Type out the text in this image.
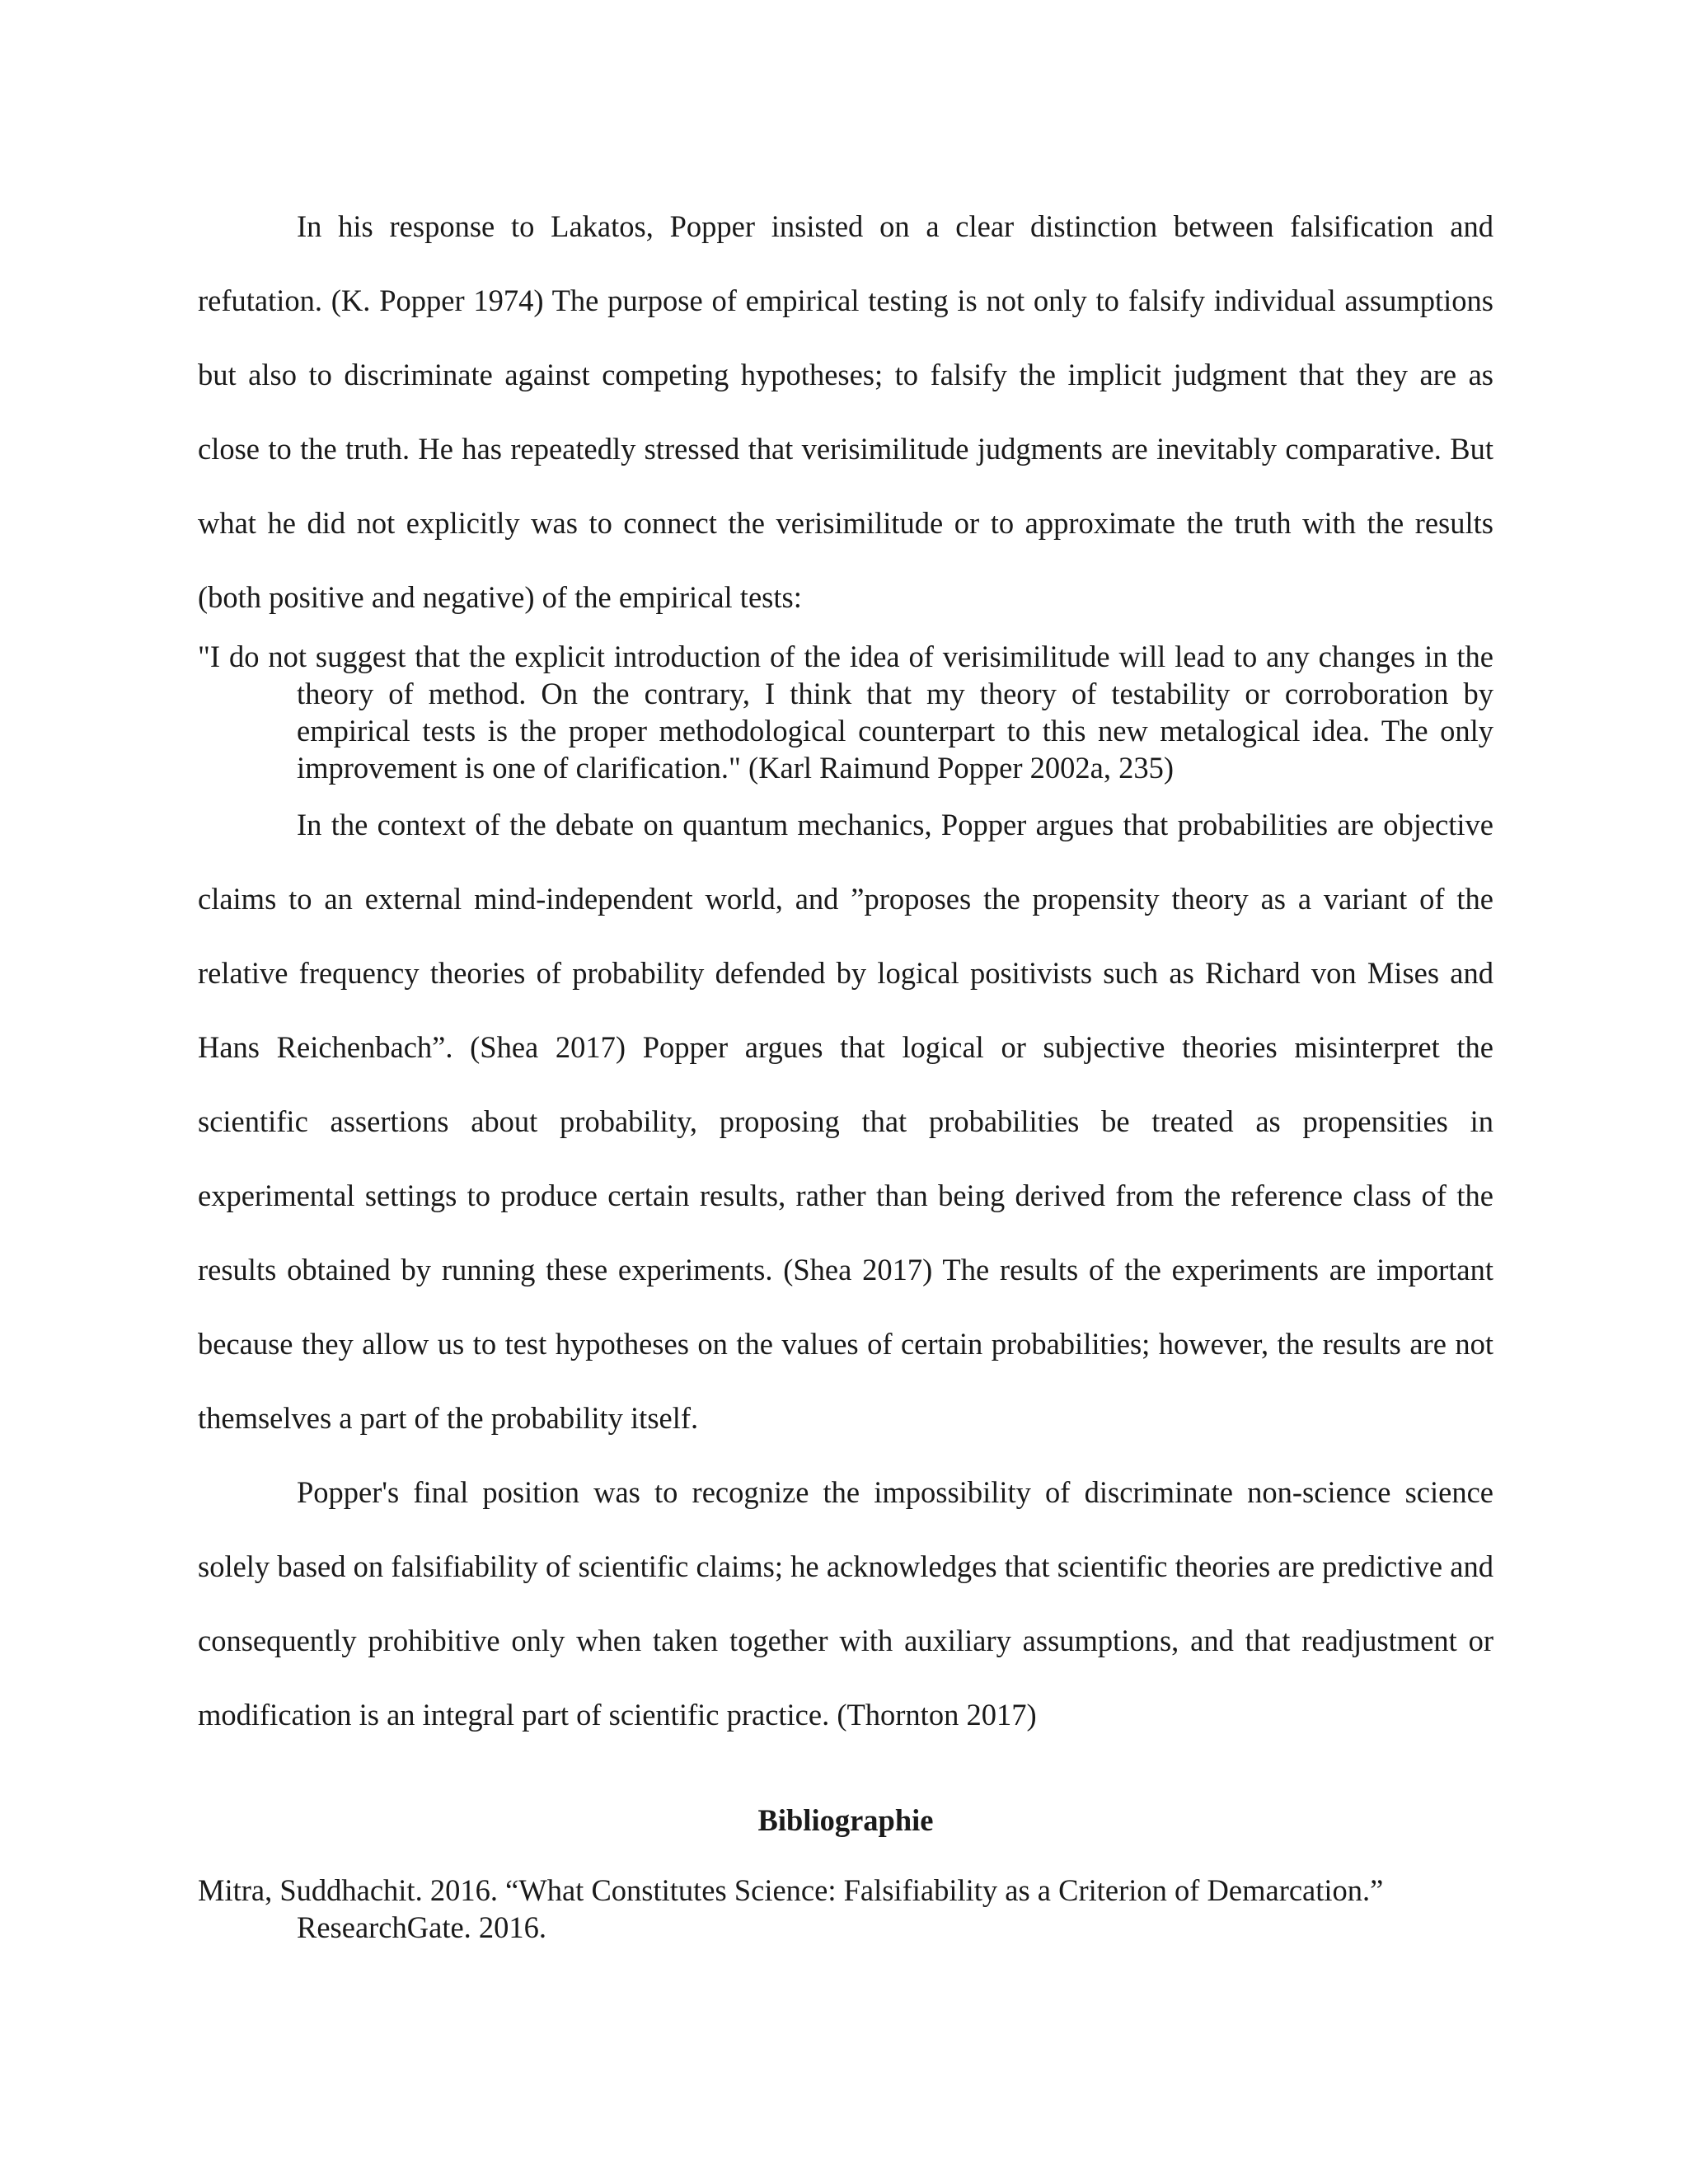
In his response to Lakatos, Popper insisted on a clear distinction between falsification and refutation. (K. Popper 1974) The purpose of empirical testing is not only to falsify individual assumptions but also to discriminate against competing hypotheses; to falsify the implicit judgment that they are as close to the truth. He has repeatedly stressed that verisimilitude judgments are inevitably comparative. But what he did not explicitly was to connect the verisimilitude or to approximate the truth with the results (both positive and negative) of the empirical tests:

"I do not suggest that the explicit introduction of the idea of verisimilitude will lead to any changes in the theory of method. On the contrary, I think that my theory of testability or corroboration by empirical tests is the proper methodological counterpart to this new metalogical idea. The only improvement is one of clarification." (Karl Raimund Popper 2002a, 235)

In the context of the debate on quantum mechanics, Popper argues that probabilities are objective claims to an external mind-independent world, and ”proposes the propensity theory as a variant of the relative frequency theories of probability defended by logical positivists such as Richard von Mises and Hans Reichenbach”. (Shea 2017) Popper argues that logical or subjective theories misinterpret the scientific assertions about probability, proposing that probabilities be treated as propensities in experimental settings to produce certain results, rather than being derived from the reference class of the results obtained by running these experiments. (Shea 2017) The results of the experiments are important because they allow us to test hypotheses on the values of certain probabilities; however, the results are not themselves a part of the probability itself.

Popper's final position was to recognize the impossibility of discriminate non-science science solely based on falsifiability of scientific claims; he acknowledges that scientific theories are predictive and consequently prohibitive only when taken together with auxiliary assumptions, and that readjustment or modification is an integral part of scientific practice. (Thornton 2017)

Bibliographie

Mitra, Suddhachit. 2016. “What Constitutes Science: Falsifiability as a Criterion of Demarcation.” ResearchGate. 2016.
